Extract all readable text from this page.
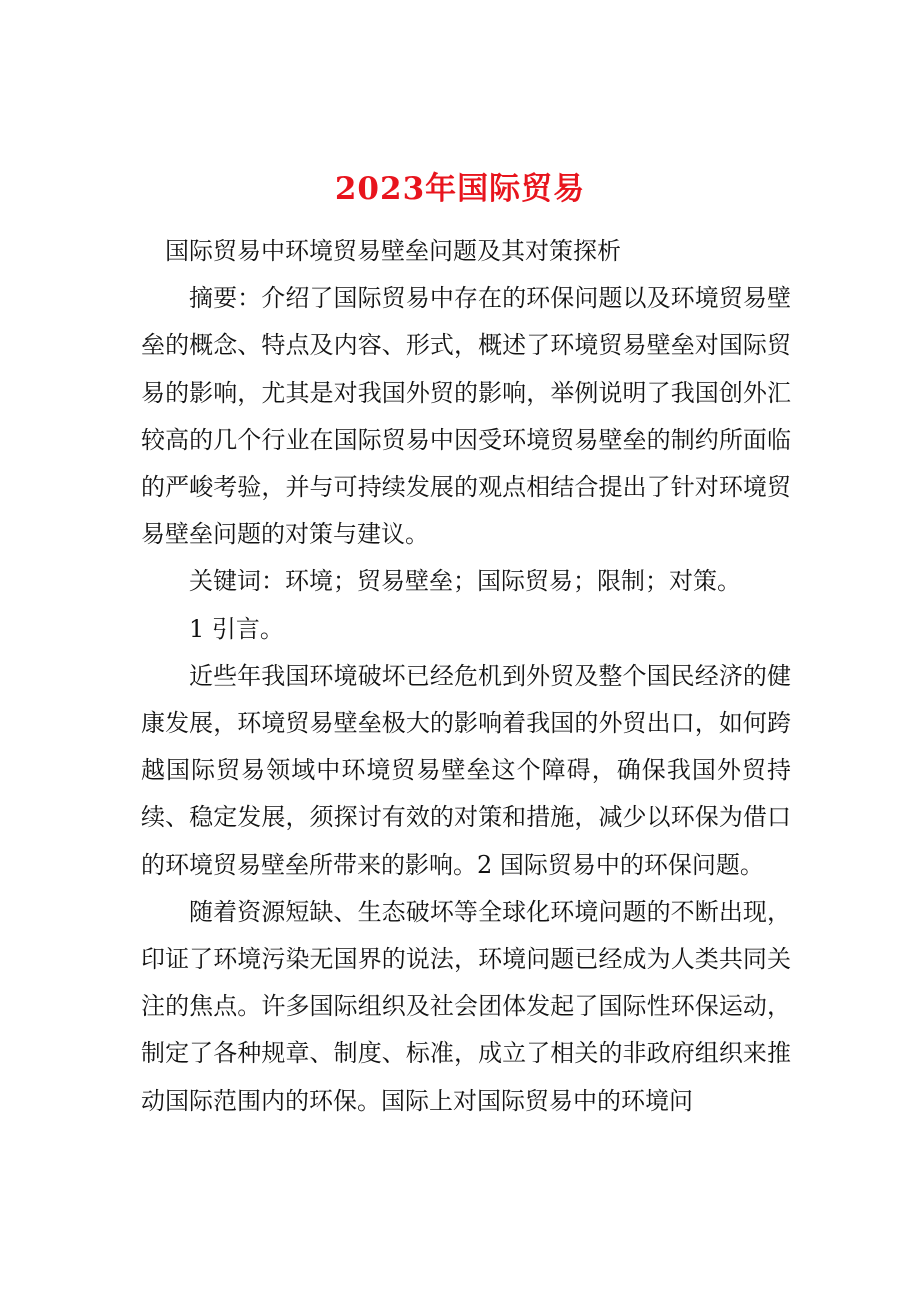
2023年国际贸易

国际贸易中环境贸易壁垒问题及其对策探析

摘要：介绍了国际贸易中存在的环保问题以及环境贸易壁垒的概念、特点及内容、形式，概述了环境贸易壁垒对国际贸易的影响，尤其是对我国外贸的影响，举例说明了我国创外汇较高的几个行业在国际贸易中因受环境贸易壁垒的制约所面临的严峻考验，并与可持续发展的观点相结合提出了针对环境贸易壁垒问题的对策与建议。

关键词：环境；贸易壁垒；国际贸易；限制；对策。

1 引言。

近些年我国环境破坏已经危机到外贸及整个国民经济的健康发展，环境贸易壁垒极大的影响着我国的外贸出口，如何跨越国际贸易领域中环境贸易壁垒这个障碍，确保我国外贸持续、稳定发展，须探讨有效的对策和措施，减少以环保为借口的环境贸易壁垒所带来的影响。2 国际贸易中的环保问题。

随着资源短缺、生态破坏等全球化环境问题的不断出现，印证了环境污染无国界的说法，环境问题已经成为人类共同关注的焦点。许多国际组织及社会团体发起了国际性环保运动，制定了各种规章、制度、标准，成立了相关的非政府组织来推动国际范围内的环保。国际上对国际贸易中的环境问
